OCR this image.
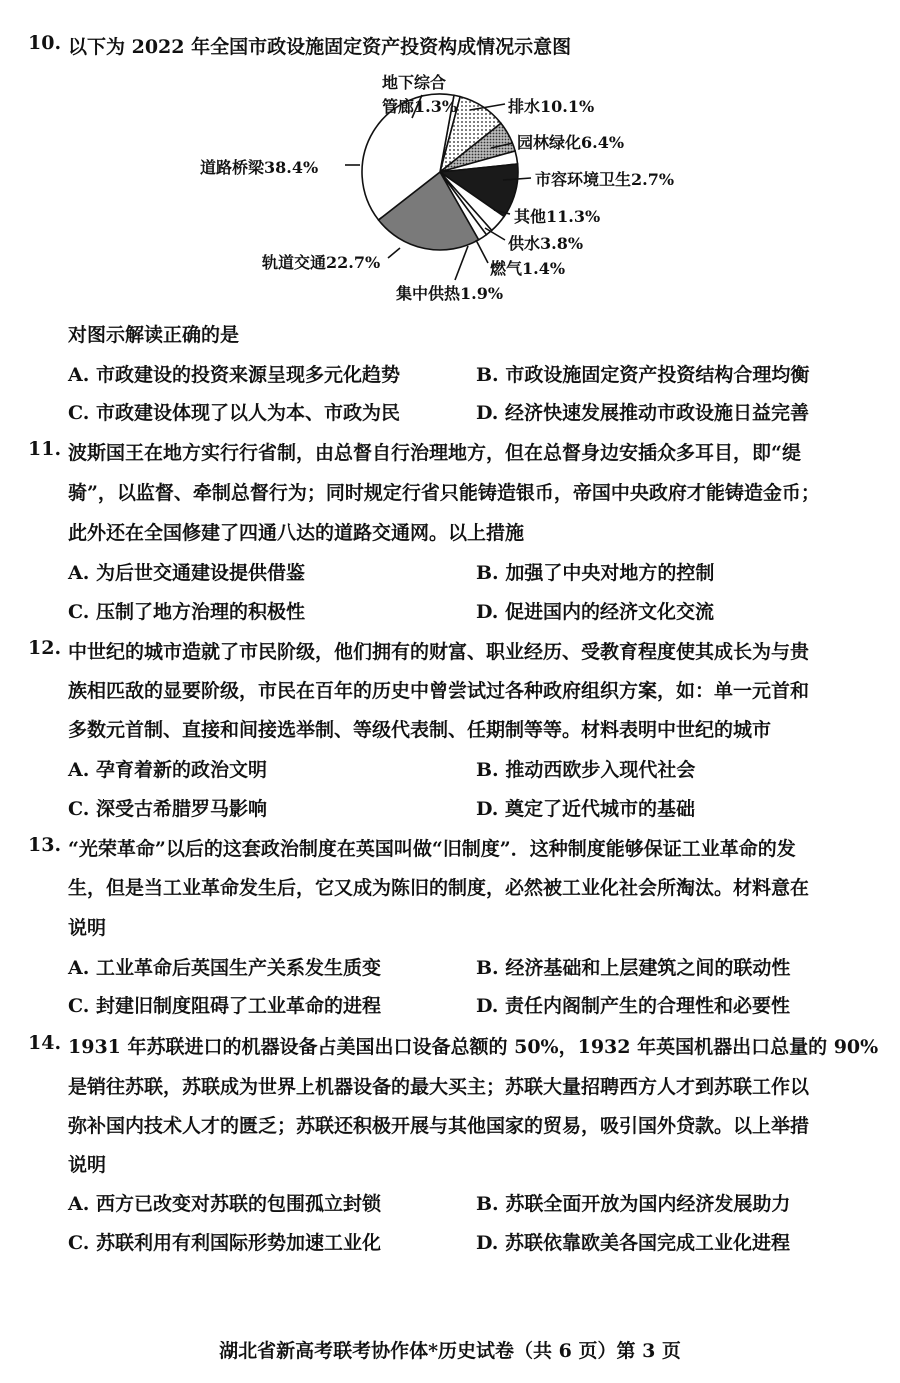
10. 以下为 2022 年全国市政设施固定资产投资构成情况示意图
地下综合
管廊1.3%	排水10.1%
园林绿化6.4%
市容环境卫生2.7%
其他11.3%
供水3.8%
燃气1.4%
集中供热1.9%
轨道交通22.7%
道路桥梁38.4%
对图示解读正确的是
A. 市政建设的投资来源呈现多元化趋势	B. 市政设施固定资产投资结构合理均衡
C. 市政建设体现了以人为本、市政为民	D. 经济快速发展推动市政设施日益完善
11. 波斯国王在地方实行行省制，由总督自行治理地方，但在总督身边安插众多耳目，即“缇
骑”，以监督、牵制总督行为；同时规定行省只能铸造银币，帝国中央政府才能铸造金币；
此外还在全国修建了四通八达的道路交通网。以上措施
A. 为后世交通建设提供借鉴	B. 加强了中央对地方的控制
C. 压制了地方治理的积极性	D. 促进国内的经济文化交流
12. 中世纪的城市造就了市民阶级，他们拥有的财富、职业经历、受教育程度使其成长为与贵
族相匹敌的显要阶级，市民在百年的历史中曾尝试过各种政府组织方案，如：单一元首和
多数元首制、直接和间接选举制、等级代表制、任期制等等。材料表明中世纪的城市
A. 孕育着新的政治文明	B. 推动西欧步入现代社会
C. 深受古希腊罗马影响	D. 奠定了近代城市的基础
13. “光荣革命”以后的这套政治制度在英国叫做“旧制度”．这种制度能够保证工业革命的发
生，但是当工业革命发生后，它又成为陈旧的制度，必然被工业化社会所淘汰。材料意在
说明
A. 工业革命后英国生产关系发生质变	B. 经济基础和上层建筑之间的联动性
C. 封建旧制度阻碍了工业革命的进程	D. 责任内阁制产生的合理性和必要性
14. 1931 年苏联进口的机器设备占美国出口设备总额的 50%，1932 年英国机器出口总量的 90%
是销往苏联，苏联成为世界上机器设备的最大买主；苏联大量招聘西方人才到苏联工作以
弥补国内技术人才的匮乏；苏联还积极开展与其他国家的贸易，吸引国外贷款。以上举措
说明
A. 西方已改变对苏联的包围孤立封锁	B. 苏联全面开放为国内经济发展助力
C. 苏联利用有利国际形势加速工业化	D. 苏联依靠欧美各国完成工业化进程
湖北省新高考联考协作体*历史试卷（共 6 页）第 3 页
